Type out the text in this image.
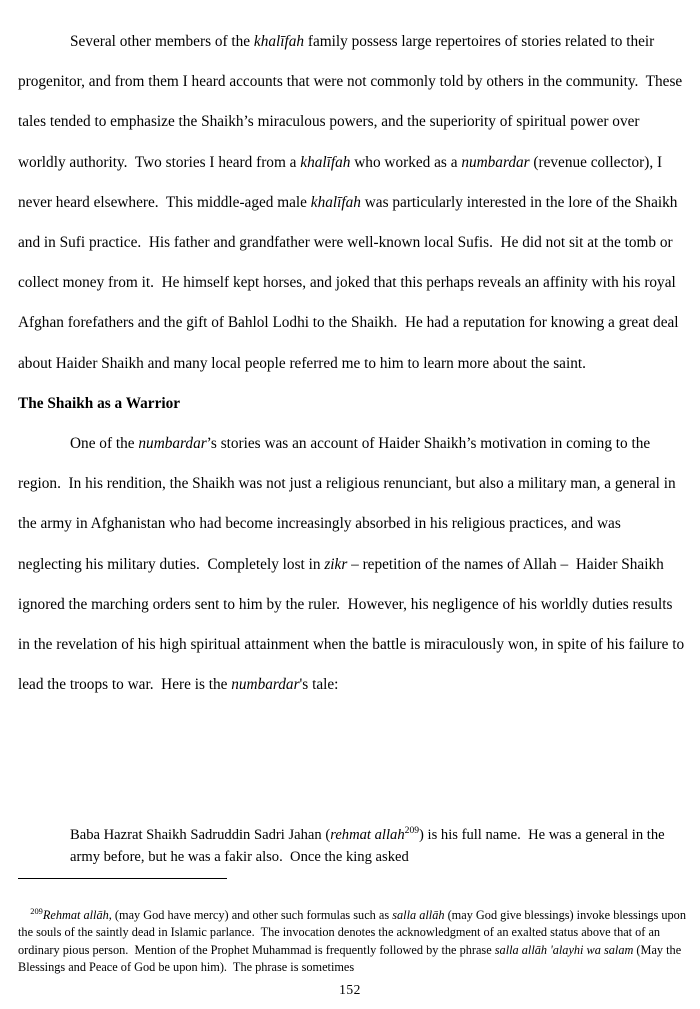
Several other members of the khalīfah family possess large repertoires of stories related to their progenitor, and from them I heard accounts that were not commonly told by others in the community.  These tales tended to emphasize the Shaikh’s miraculous powers, and the superiority of spiritual power over worldly authority.  Two stories I heard from a khalīfah who worked as a numbardar (revenue collector), I never heard elsewhere.  This middle-aged male khalīfah was particularly interested in the lore of the Shaikh and in Sufi practice.  His father and grandfather were well-known local Sufis.  He did not sit at the tomb or collect money from it.  He himself kept horses, and joked that this perhaps reveals an affinity with his royal Afghan forefathers and the gift of Bahlol Lodhi to the Shaikh.  He had a reputation for knowing a great deal about Haider Shaikh and many local people referred me to him to learn more about the saint.

The Shaikh as a Warrior

One of the numbardar’s stories was an account of Haider Shaikh’s motivation in coming to the region.  In his rendition, the Shaikh was not just a religious renunciant, but also a military man, a general in the army in Afghanistan who had become increasingly absorbed in his religious practices, and was neglecting his military duties.  Completely lost in zikr – repetition of the names of Allah –  Haider Shaikh ignored the marching orders sent to him by the ruler.  However, his negligence of his worldly duties results in the revelation of his high spiritual attainment when the battle is miraculously won, in spite of his failure to lead the troops to war.  Here is the numbardar's tale:

Baba Hazrat Shaikh Sadruddin Sadri Jahan (rehmat allah$^{209}$) is his full name.  He was a general in the army before, but he was a fakir also.  Once the king asked

$^{209}$Rehmat allāh, (may God have mercy) and other such formulas such as salla allāh (may God give blessings) invoke blessings upon the souls of the saintly dead in Islamic parlance.  The invocation denotes the acknowledgment of an exalted status above that of an ordinary pious person.  Mention of the Prophet Muhammad is frequently followed by the phrase salla allāh 'alayhi wa salam (May the Blessings and Peace of God be upon him).  The phrase is sometimes

152
